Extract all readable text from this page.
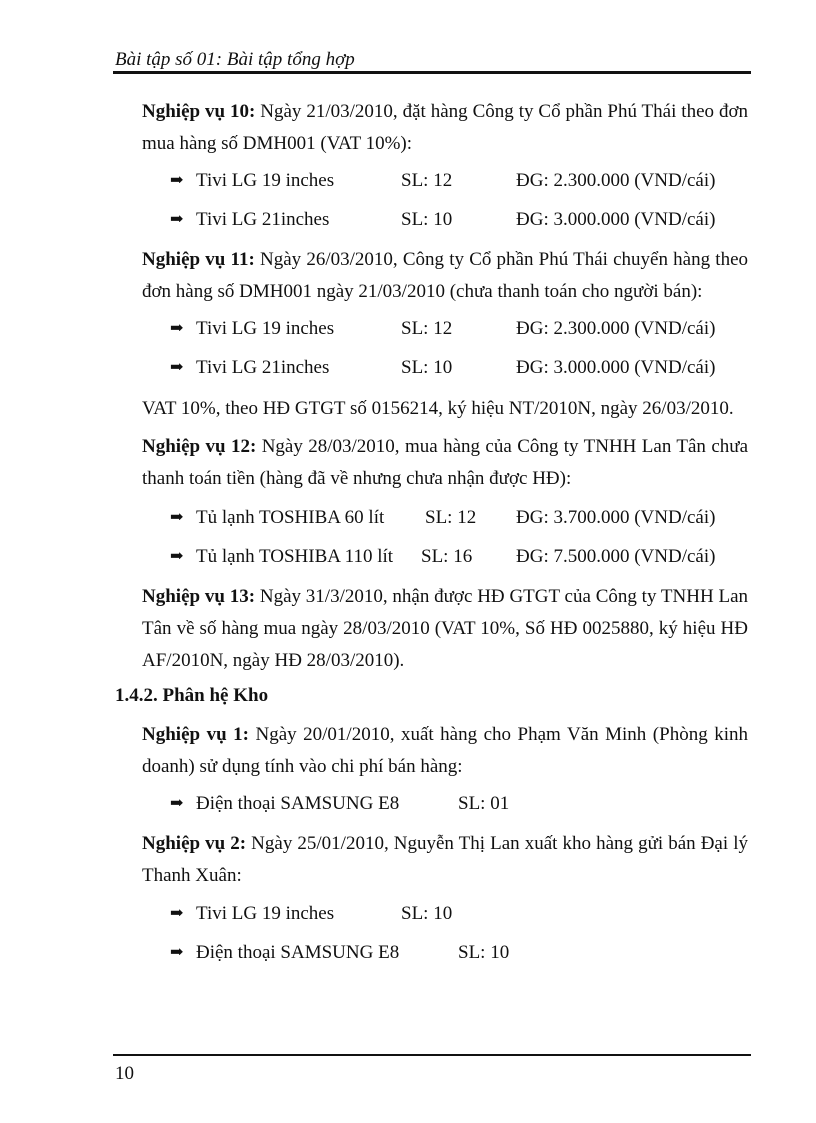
Bài tập số 01: Bài tập tổng hợp
Nghiệp vụ 10: Ngày 21/03/2010, đặt hàng Công ty Cổ phần Phú Thái theo đơn mua hàng số DMH001 (VAT 10%):
➡ Tivi LG 19 inches	SL: 12	ĐG: 2.300.000 (VND/cái)
➡ Tivi LG 21inches	SL: 10	ĐG: 3.000.000 (VND/cái)
Nghiệp vụ 11: Ngày 26/03/2010, Công ty Cổ phần Phú Thái chuyển hàng theo đơn hàng số DMH001 ngày 21/03/2010 (chưa thanh toán cho người bán):
➡ Tivi LG 19 inches	SL: 12	ĐG: 2.300.000 (VND/cái)
➡ Tivi LG 21inches	SL: 10	ĐG: 3.000.000 (VND/cái)
VAT 10%, theo HĐ GTGT số 0156214, ký hiệu NT/2010N, ngày 26/03/2010.
Nghiệp vụ 12: Ngày 28/03/2010, mua hàng của Công ty TNHH Lan Tân chưa thanh toán tiền (hàng đã về nhưng chưa nhận được HĐ):
➡ Tủ lạnh TOSHIBA 60 lít SL: 12 ĐG: 3.700.000 (VND/cái)
➡ Tủ lạnh TOSHIBA 110 lít SL: 16 ĐG: 7.500.000 (VND/cái)
Nghiệp vụ 13: Ngày 31/3/2010, nhận được HĐ GTGT của Công ty TNHH Lan Tân về số hàng mua ngày 28/03/2010 (VAT 10%, Số HĐ 0025880, ký hiệu HĐ AF/2010N, ngày HĐ 28/03/2010).
1.4.2. Phân hệ Kho
Nghiệp vụ 1: Ngày 20/01/2010, xuất hàng cho Phạm Văn Minh (Phòng kinh doanh) sử dụng tính vào chi phí bán hàng:
➡ Điện thoại SAMSUNG E8	SL: 01
Nghiệp vụ 2: Ngày 25/01/2010, Nguyễn Thị Lan xuất kho hàng gửi bán Đại lý Thanh Xuân:
➡ Tivi LG 19 inches	SL: 10
➡ Điện thoại SAMSUNG E8	SL: 10
10
